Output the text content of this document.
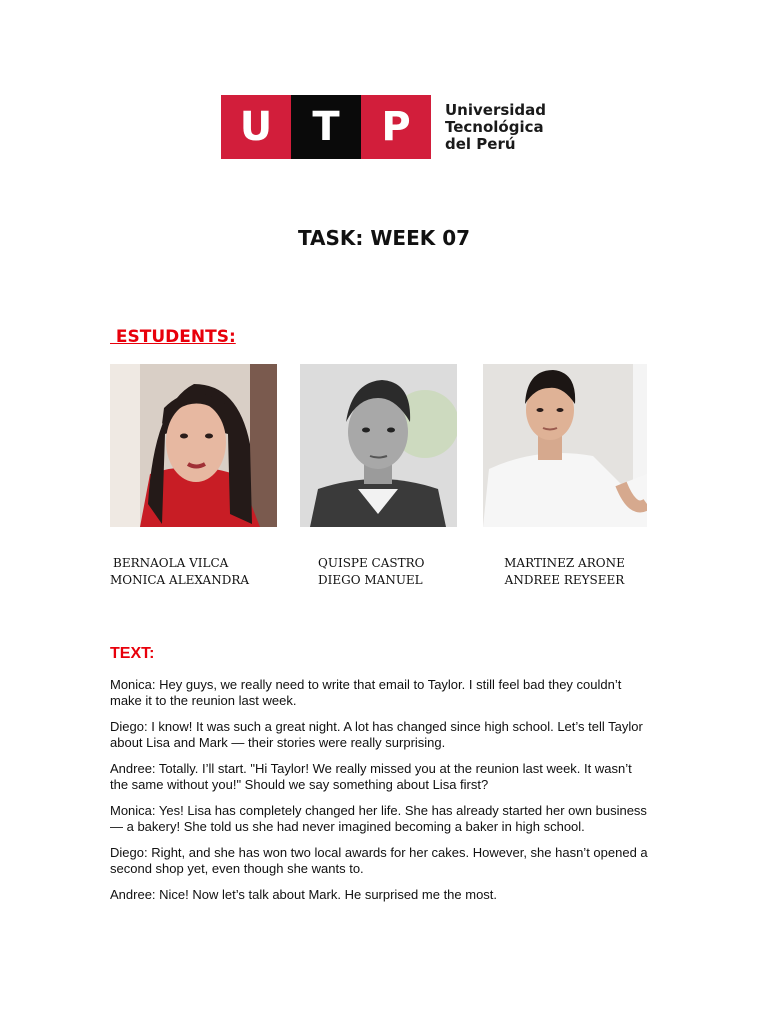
U	T	P	Universidad
Tecnológica
del Perú
TASK: WEEK 07
ESTUDENTS:
BERNAOLA VILCA
MONICA ALEXANDRA
QUISPE CASTRO
DIEGO MANUEL
MARTINEZ ARONE
ANDREE REYSEER
TEXT:

Monica: Hey guys, we really need to write that email to Taylor. I still feel bad they couldn’t make it to the reunion last week.

Diego: I know! It was such a great night. A lot has changed since high school. Let’s tell Taylor about Lisa and Mark — their stories were really surprising.

Andree: Totally. I’ll start. "Hi Taylor! We really missed you at the reunion last week. It wasn’t the same without you!" Should we say something about Lisa first?

Monica: Yes! Lisa has completely changed her life. She has already started her own business — a bakery! She told us she had never imagined becoming a baker in high school.

Diego: Right, and she has won two local awards for her cakes. However, she hasn’t opened a second shop yet, even though she wants to.

Andree: Nice! Now let’s talk about Mark. He surprised me the most.
